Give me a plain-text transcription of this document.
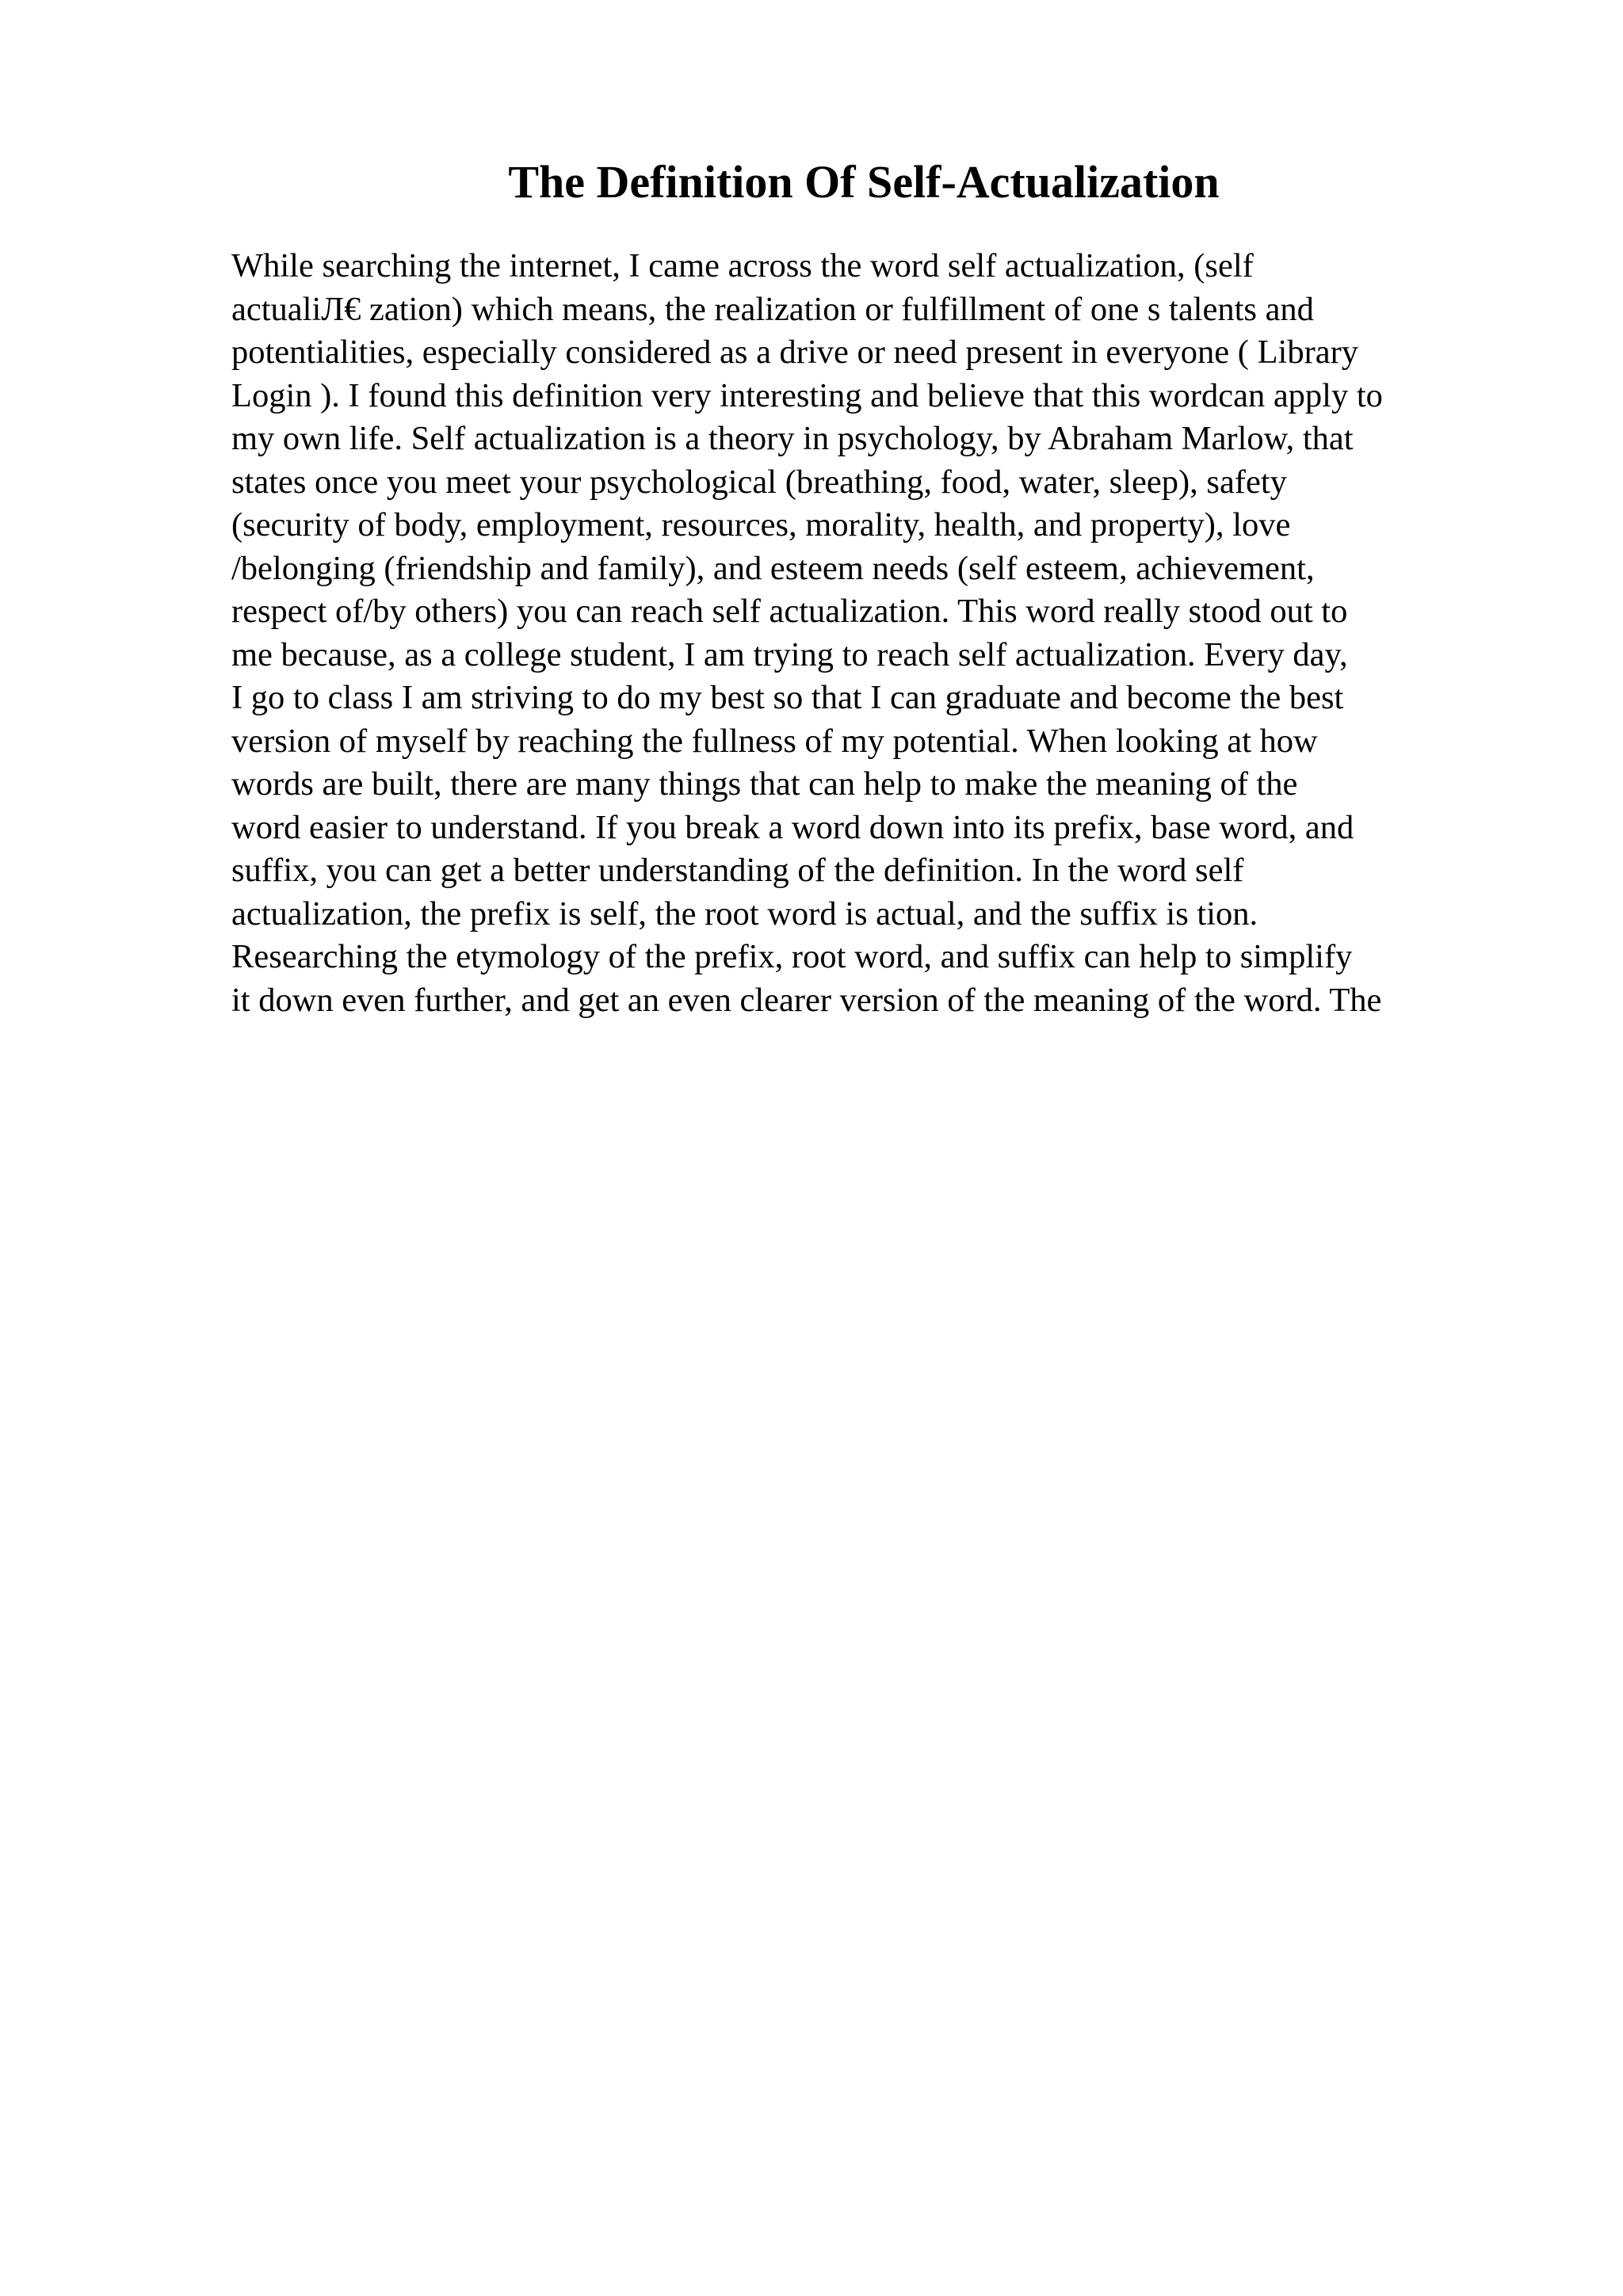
The Definition Of Self-Actualization
While searching the internet, I came across the word self actualization, (self
actualiЛ€ zation) which means, the realization or fulfillment of one s talents and
potentialities, especially considered as a drive or need present in everyone ( Library
Login ). I found this definition very interesting and believe that this wordcan apply to
my own life. Self actualization is a theory in psychology, by Abraham Marlow, that
states once you meet your psychological (breathing, food, water, sleep), safety
(security of body, employment, resources, morality, health, and property), love
/belonging (friendship and family), and esteem needs (self esteem, achievement,
respect of/by others) you can reach self actualization. This word really stood out to
me because, as a college student, I am trying to reach self actualization. Every day,
I go to class I am striving to do my best so that I can graduate and become the best
version of myself by reaching the fullness of my potential. When looking at how
words are built, there are many things that can help to make the meaning of the
word easier to understand. If you break a word down into its prefix, base word, and
suffix, you can get a better understanding of the definition. In the word self
actualization, the prefix is self, the root word is actual, and the suffix is tion.
Researching the etymology of the prefix, root word, and suffix can help to simplify
it down even further, and get an even clearer version of the meaning of the word. The
